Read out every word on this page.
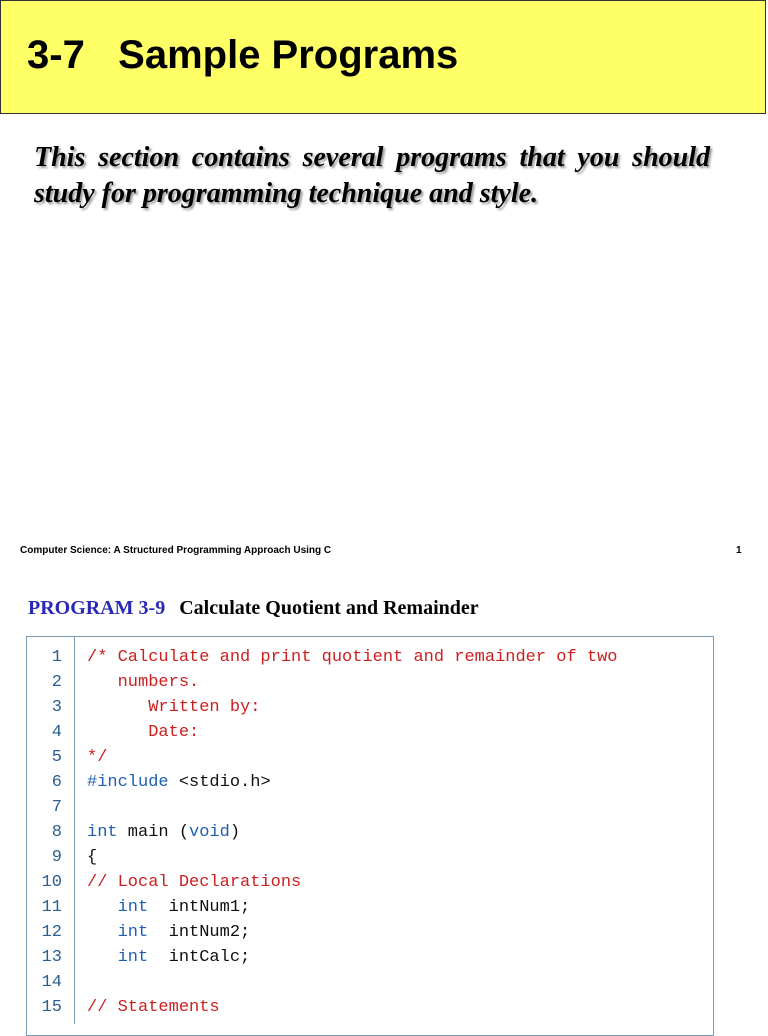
3-7   Sample Programs

This section contains several programs that you should study for programming technique and style.

Computer Science: A Structured Programming Approach Using C	1
PROGRAM 3-9 Calculate Quotient and Remainder
1 /* Calculate and print quotient and remainder of two
2 numbers.
3 Written by:
4 Date:
5 */
6 #include <stdio.h>
7
8 int main (void)
9 {
10 // Local Declarations
11	int  intNum1;
12	int  intNum2;
13	int  intCalc;
14
15 // Statements
